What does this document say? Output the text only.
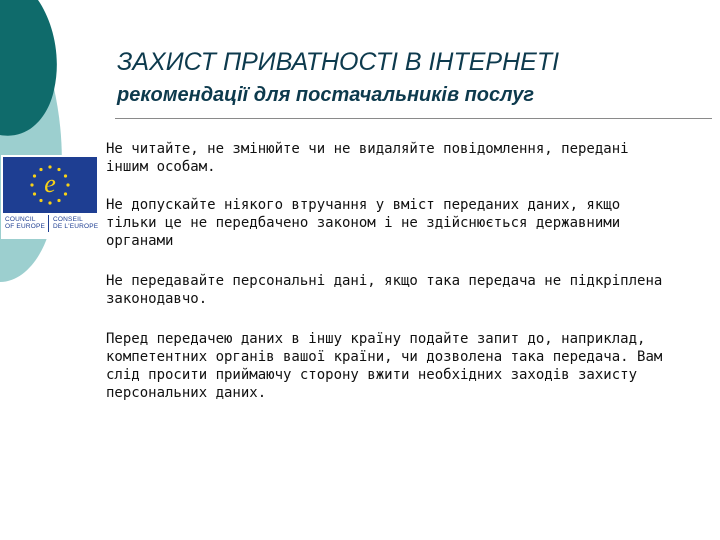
e
COUNCIL
OF EUROPE
CONSEIL
DE L'EUROPE
ЗАХИСТ ПРИВАТНОСТІ В ІНТЕРНЕТІ
рекомендації для постачальників послуг
Не читайте, не змінюйте чи не видаляйте повідомлення, передані
іншим особам.
Не допускайте ніякого втручання у вміст переданих даних, якщо
тільки це не передбачено законом і не здійснюється державними
органами
Не передавайте персональні дані, якщо така передача не підкріплена
законодавчо.
Перед передачею даних в іншу країну подайте запит до, наприклад,
компетентних органів вашої країни, чи дозволена така передача. Вам
слід просити приймаючу сторону вжити необхідних заходів захисту
персональних даних.
